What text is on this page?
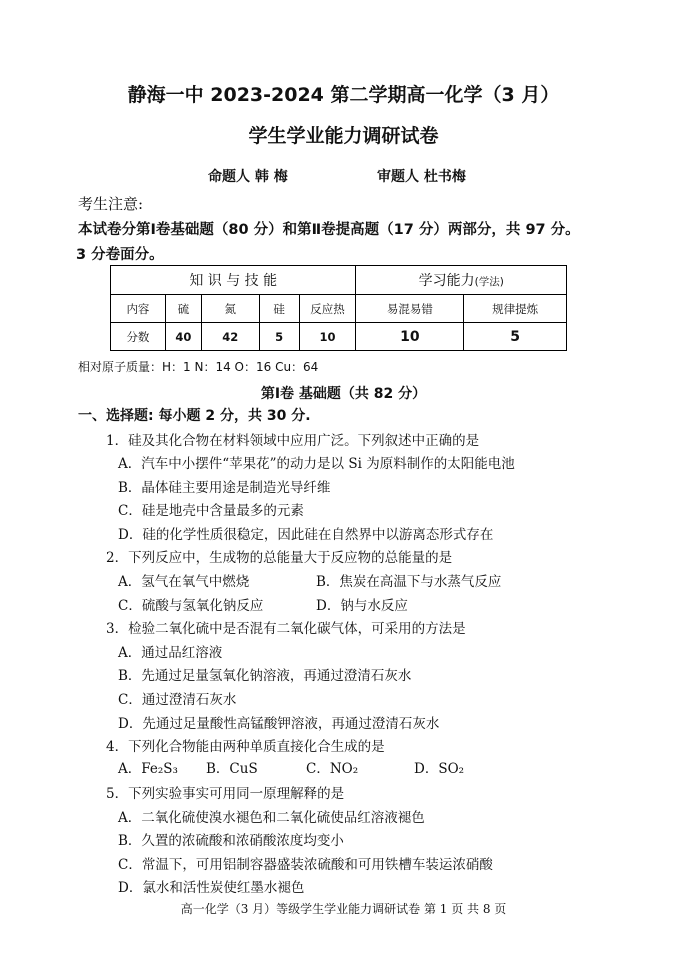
静海一中 2023-2024 第二学期高一化学（3 月）
学生学业能力调研试卷
命题人 韩 梅	审题人 杜书梅
考生注意:
本试卷分第Ⅰ卷基础题（80 分）和第Ⅱ卷提高题（17 分）两部分，共 97 分。
3 分卷面分。
知 识 与 技 能					学习能力(学法)	
内容	硫	氮	硅	反应热	易混易错	规律提炼
分数	40	42	5	10	10	5
相对原子质量：H：1 N：14 O：16 Cu：64
第Ⅰ卷 基础题（共 82 分）
一、选择题: 每小题 2 分，共 30 分.
1．硅及其化合物在材料领域中应用广泛。下列叙述中正确的是
A．汽车中小摆件“苹果花”的动力是以 Si 为原料制作的太阳能电池
B．晶体硅主要用途是制造光导纤维
C．硅是地壳中含量最多的元素
D．硅的化学性质很稳定，因此硅在自然界中以游离态形式存在
2．下列反应中，生成物的总能量大于反应物的总能量的是
A．氢气在氧气中燃烧	B．焦炭在高温下与水蒸气反应
C．硫酸与氢氧化钠反应	D．钠与水反应
3．检验二氧化硫中是否混有二氧化碳气体，可采用的方法是
A．通过品红溶液
B．先通过足量氢氧化钠溶液，再通过澄清石灰水
C．通过澄清石灰水
D．先通过足量酸性高锰酸钾溶液，再通过澄清石灰水
4．下列化合物能由两种单质直接化合生成的是
A．Fe₂S₃ B．CuS	C．NO₂	D．SO₂
5．下列实验事实可用同一原理解释的是
A．二氧化硫使溴水褪色和二氧化硫使品红溶液褪色
B．久置的浓硫酸和浓硝酸浓度均变小
C．常温下，可用铝制容器盛装浓硫酸和可用铁槽车装运浓硝酸
D．氯水和活性炭使红墨水褪色
高一化学（3 月）等级学生学业能力调研试卷 第 1 页 共 8 页
